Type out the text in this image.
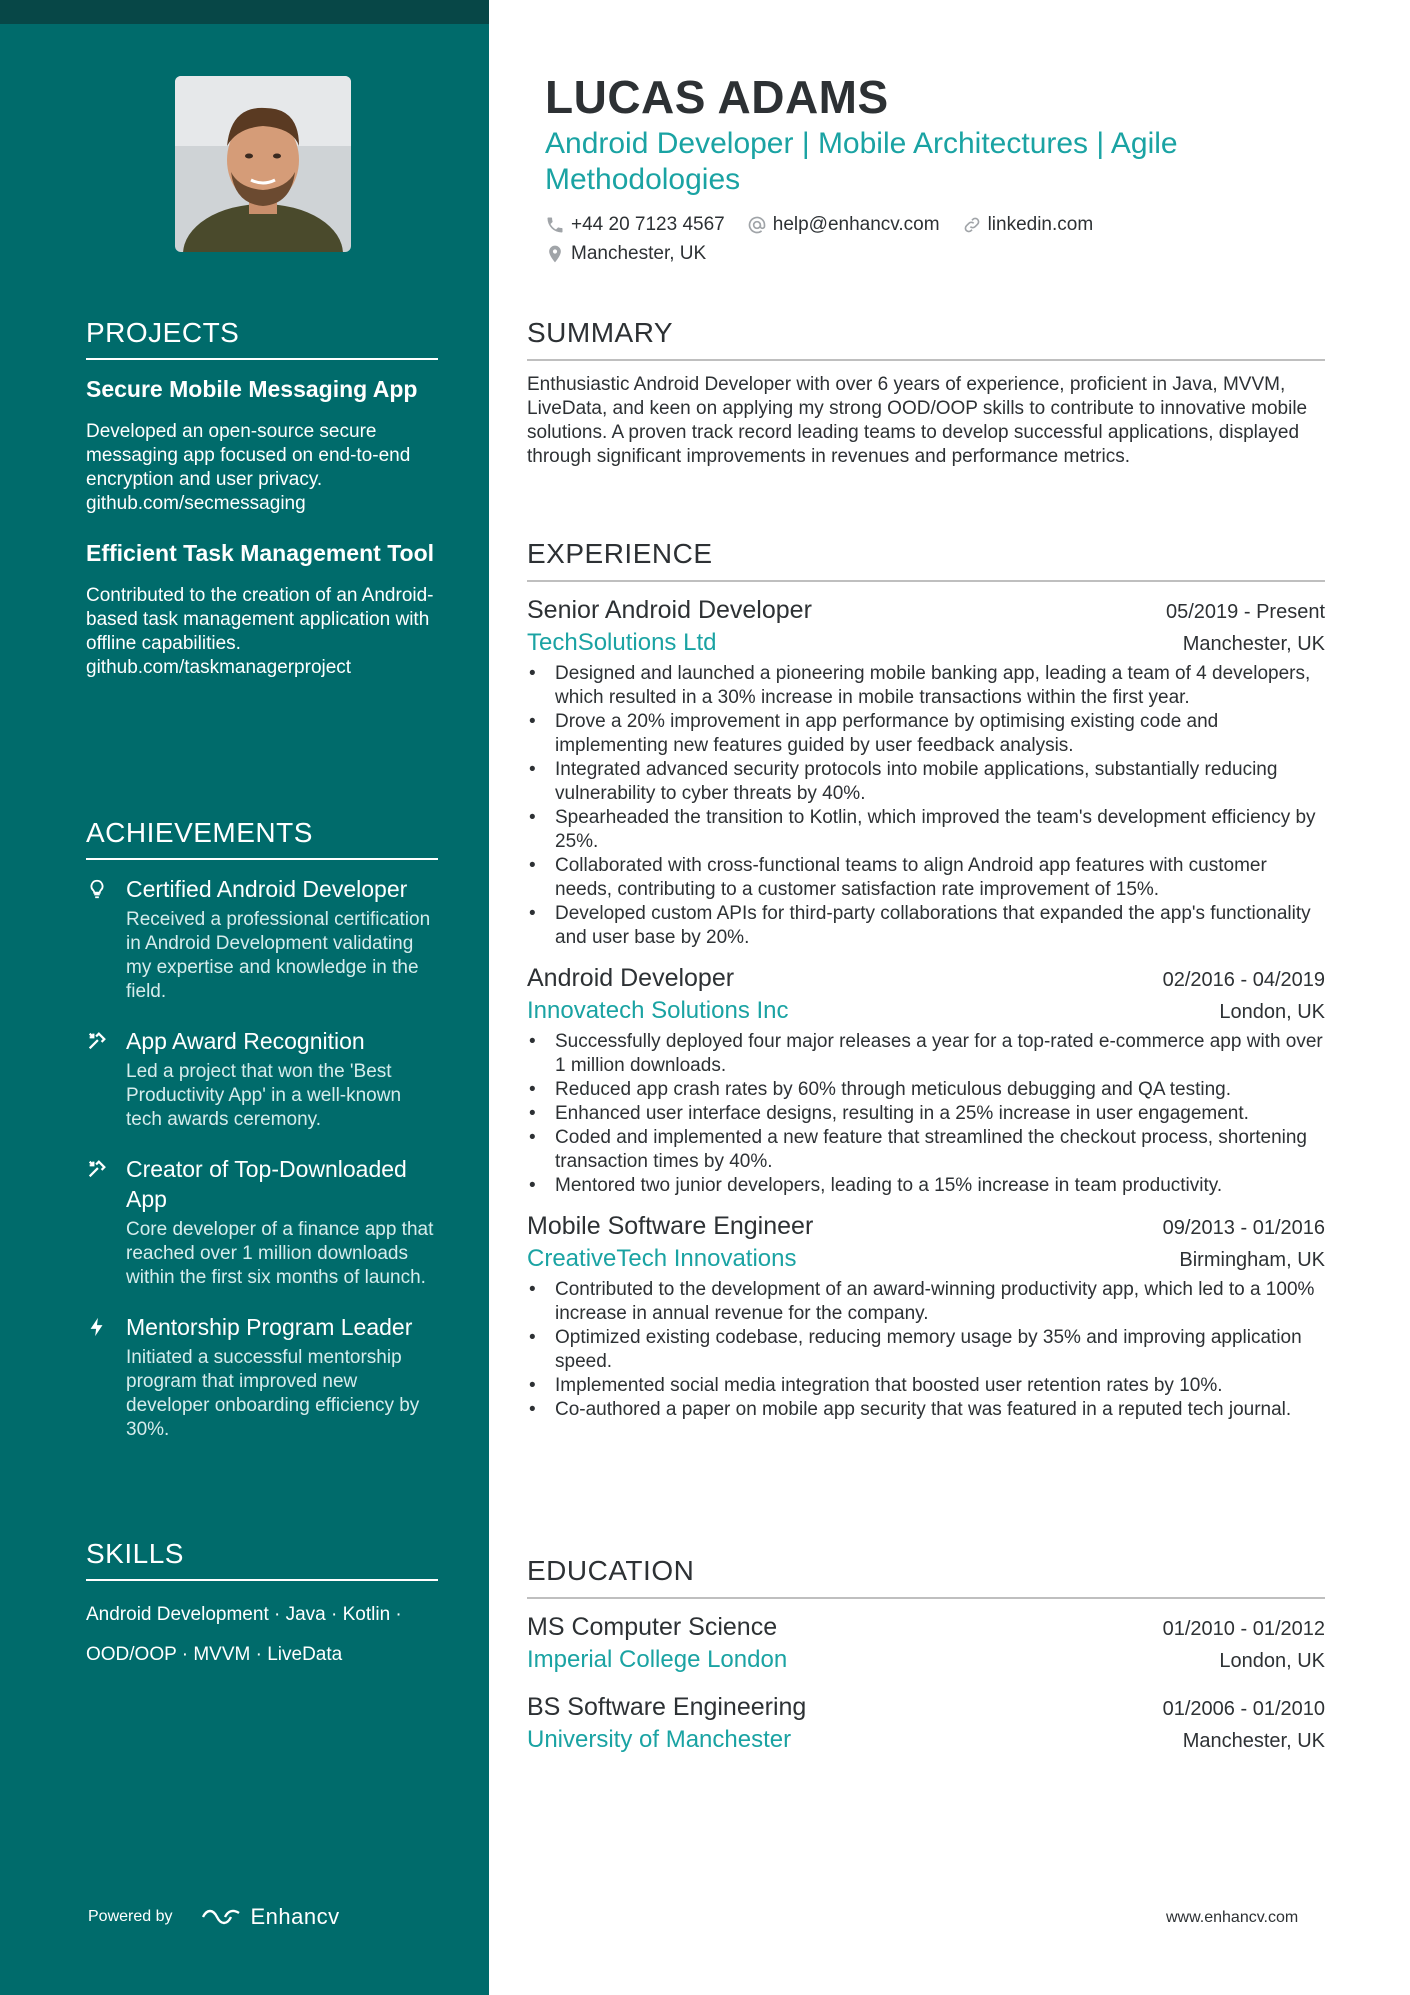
PROJECTS
Secure Mobile Messaging App
Developed an open-source secure messaging app focused on end-to-end encryption and user privacy. github.com/secmessaging
Efficient Task Management Tool
Contributed to the creation of an Android-based task management application with offline capabilities. github.com/taskmanagerproject
ACHIEVEMENTS
Certified Android Developer
Received a professional certification in Android Development validating my expertise and knowledge in the field.
App Award Recognition
Led a project that won the 'Best Productivity App' in a well-known tech awards ceremony.
Creator of Top-Downloaded App
Core developer of a finance app that reached over 1 million downloads within the first six months of launch.
Mentorship Program Leader
Initiated a successful mentorship program that improved new developer onboarding efficiency by 30%.
SKILLS
Android Development · Java · Kotlin ·
OOD/OOP · MVVM · LiveData
Powered by	Enhancv
LUCAS ADAMS
Android Developer | Mobile Architectures | Agile Methodologies
+44 20 7123 4567	help@enhancv.com	linkedin.com
Manchester, UK
SUMMARY

Enthusiastic Android Developer with over 6 years of experience, proficient in Java, MVVM, LiveData, and keen on applying my strong OOD/OOP skills to contribute to innovative mobile solutions. A proven track record leading teams to develop successful applications, displayed through significant improvements in revenues and performance metrics.

EXPERIENCE
Senior Android Developer	05/2019 - Present
TechSolutions Ltd	Manchester, UK
• Designed and launched a pioneering mobile banking app, leading a team of 4 developers, which resulted in a 30% increase in mobile transactions within the first year.
• Drove a 20% improvement in app performance by optimising existing code and implementing new features guided by user feedback analysis.
• Integrated advanced security protocols into mobile applications, substantially reducing vulnerability to cyber threats by 40%.
• Spearheaded the transition to Kotlin, which improved the team's development efficiency by 25%.
• Collaborated with cross-functional teams to align Android app features with customer needs, contributing to a customer satisfaction rate improvement of 15%.
• Developed custom APIs for third-party collaborations that expanded the app's functionality and user base by 20%.
Android Developer	02/2016 - 04/2019
Innovatech Solutions Inc	London, UK
• Successfully deployed four major releases a year for a top-rated e-commerce app with over 1 million downloads.
• Reduced app crash rates by 60% through meticulous debugging and QA testing.
• Enhanced user interface designs, resulting in a 25% increase in user engagement.
• Coded and implemented a new feature that streamlined the checkout process, shortening transaction times by 40%.
• Mentored two junior developers, leading to a 15% increase in team productivity.
Mobile Software Engineer	09/2013 - 01/2016
CreativeTech Innovations	Birmingham, UK
• Contributed to the development of an award-winning productivity app, which led to a 100% increase in annual revenue for the company.
• Optimized existing codebase, reducing memory usage by 35% and improving application speed.
• Implemented social media integration that boosted user retention rates by 10%.
• Co-authored a paper on mobile app security that was featured in a reputed tech journal.
EDUCATION
MS Computer Science	01/2010 - 01/2012
Imperial College London	London, UK
BS Software Engineering	01/2006 - 01/2010
University of Manchester	Manchester, UK
www.enhancv.com
